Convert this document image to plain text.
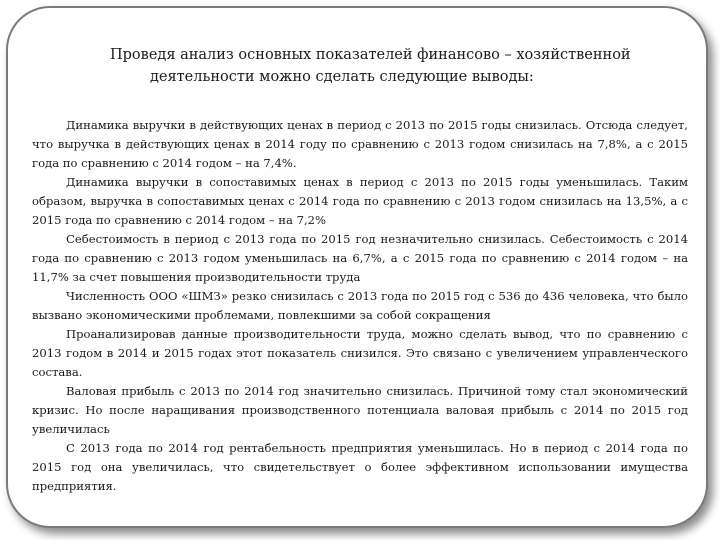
Проведя анализ основных показателей финансово – хозяйственной
деятельности можно сделать следующие выводы:

Динамика выручки в действующих ценах в период с 2013 по 2015 годы снизилась. Отсюда следует, что выручка в действующих ценах в 2014 году по сравнению с 2013 годом снизилась на 7,8%, а с 2015 года по сравнению с 2014 годом – на 7,4%.

Динамика выручки в сопоставимых ценах в период с 2013 по 2015 годы уменьшилась. Таким образом, выручка в сопоставимых ценах с 2014 года по сравнению с 2013 годом снизилась на 13,5%, а с 2015 года по сравнению с 2014 годом – на 7,2%

Себестоимость в период с 2013 года по 2015 год незначительно снизилась. Себестоимость с 2014 года по сравнению с 2013 годом уменьшилась на 6,7%, а с 2015 года по сравнению с 2014 годом – на 11,7% за счет повышения производительности труда

Численность ООО «ШМЗ» резко снизилась с 2013 года по 2015 год с 536 до 436 человека, что было вызвано экономическими проблемами, повлекшими за собой сокращения

Проанализировав данные производительности труда, можно сделать вывод, что по сравнению с 2013 годом в 2014 и 2015 годах этот показатель снизился. Это связано с увеличением управленческого состава.

Валовая прибыль с 2013 по 2014 год значительно снизилась. Причиной тому стал экономический кризис. Но после наращивания производственного потенциала валовая прибыль с 2014 по 2015 год увеличилась

С 2013 года по 2014 год рентабельность предприятия уменьшилась. Но в период с 2014 года по 2015 год она увеличилась, что свидетельствует о более эффективном использовании имущества предприятия.
